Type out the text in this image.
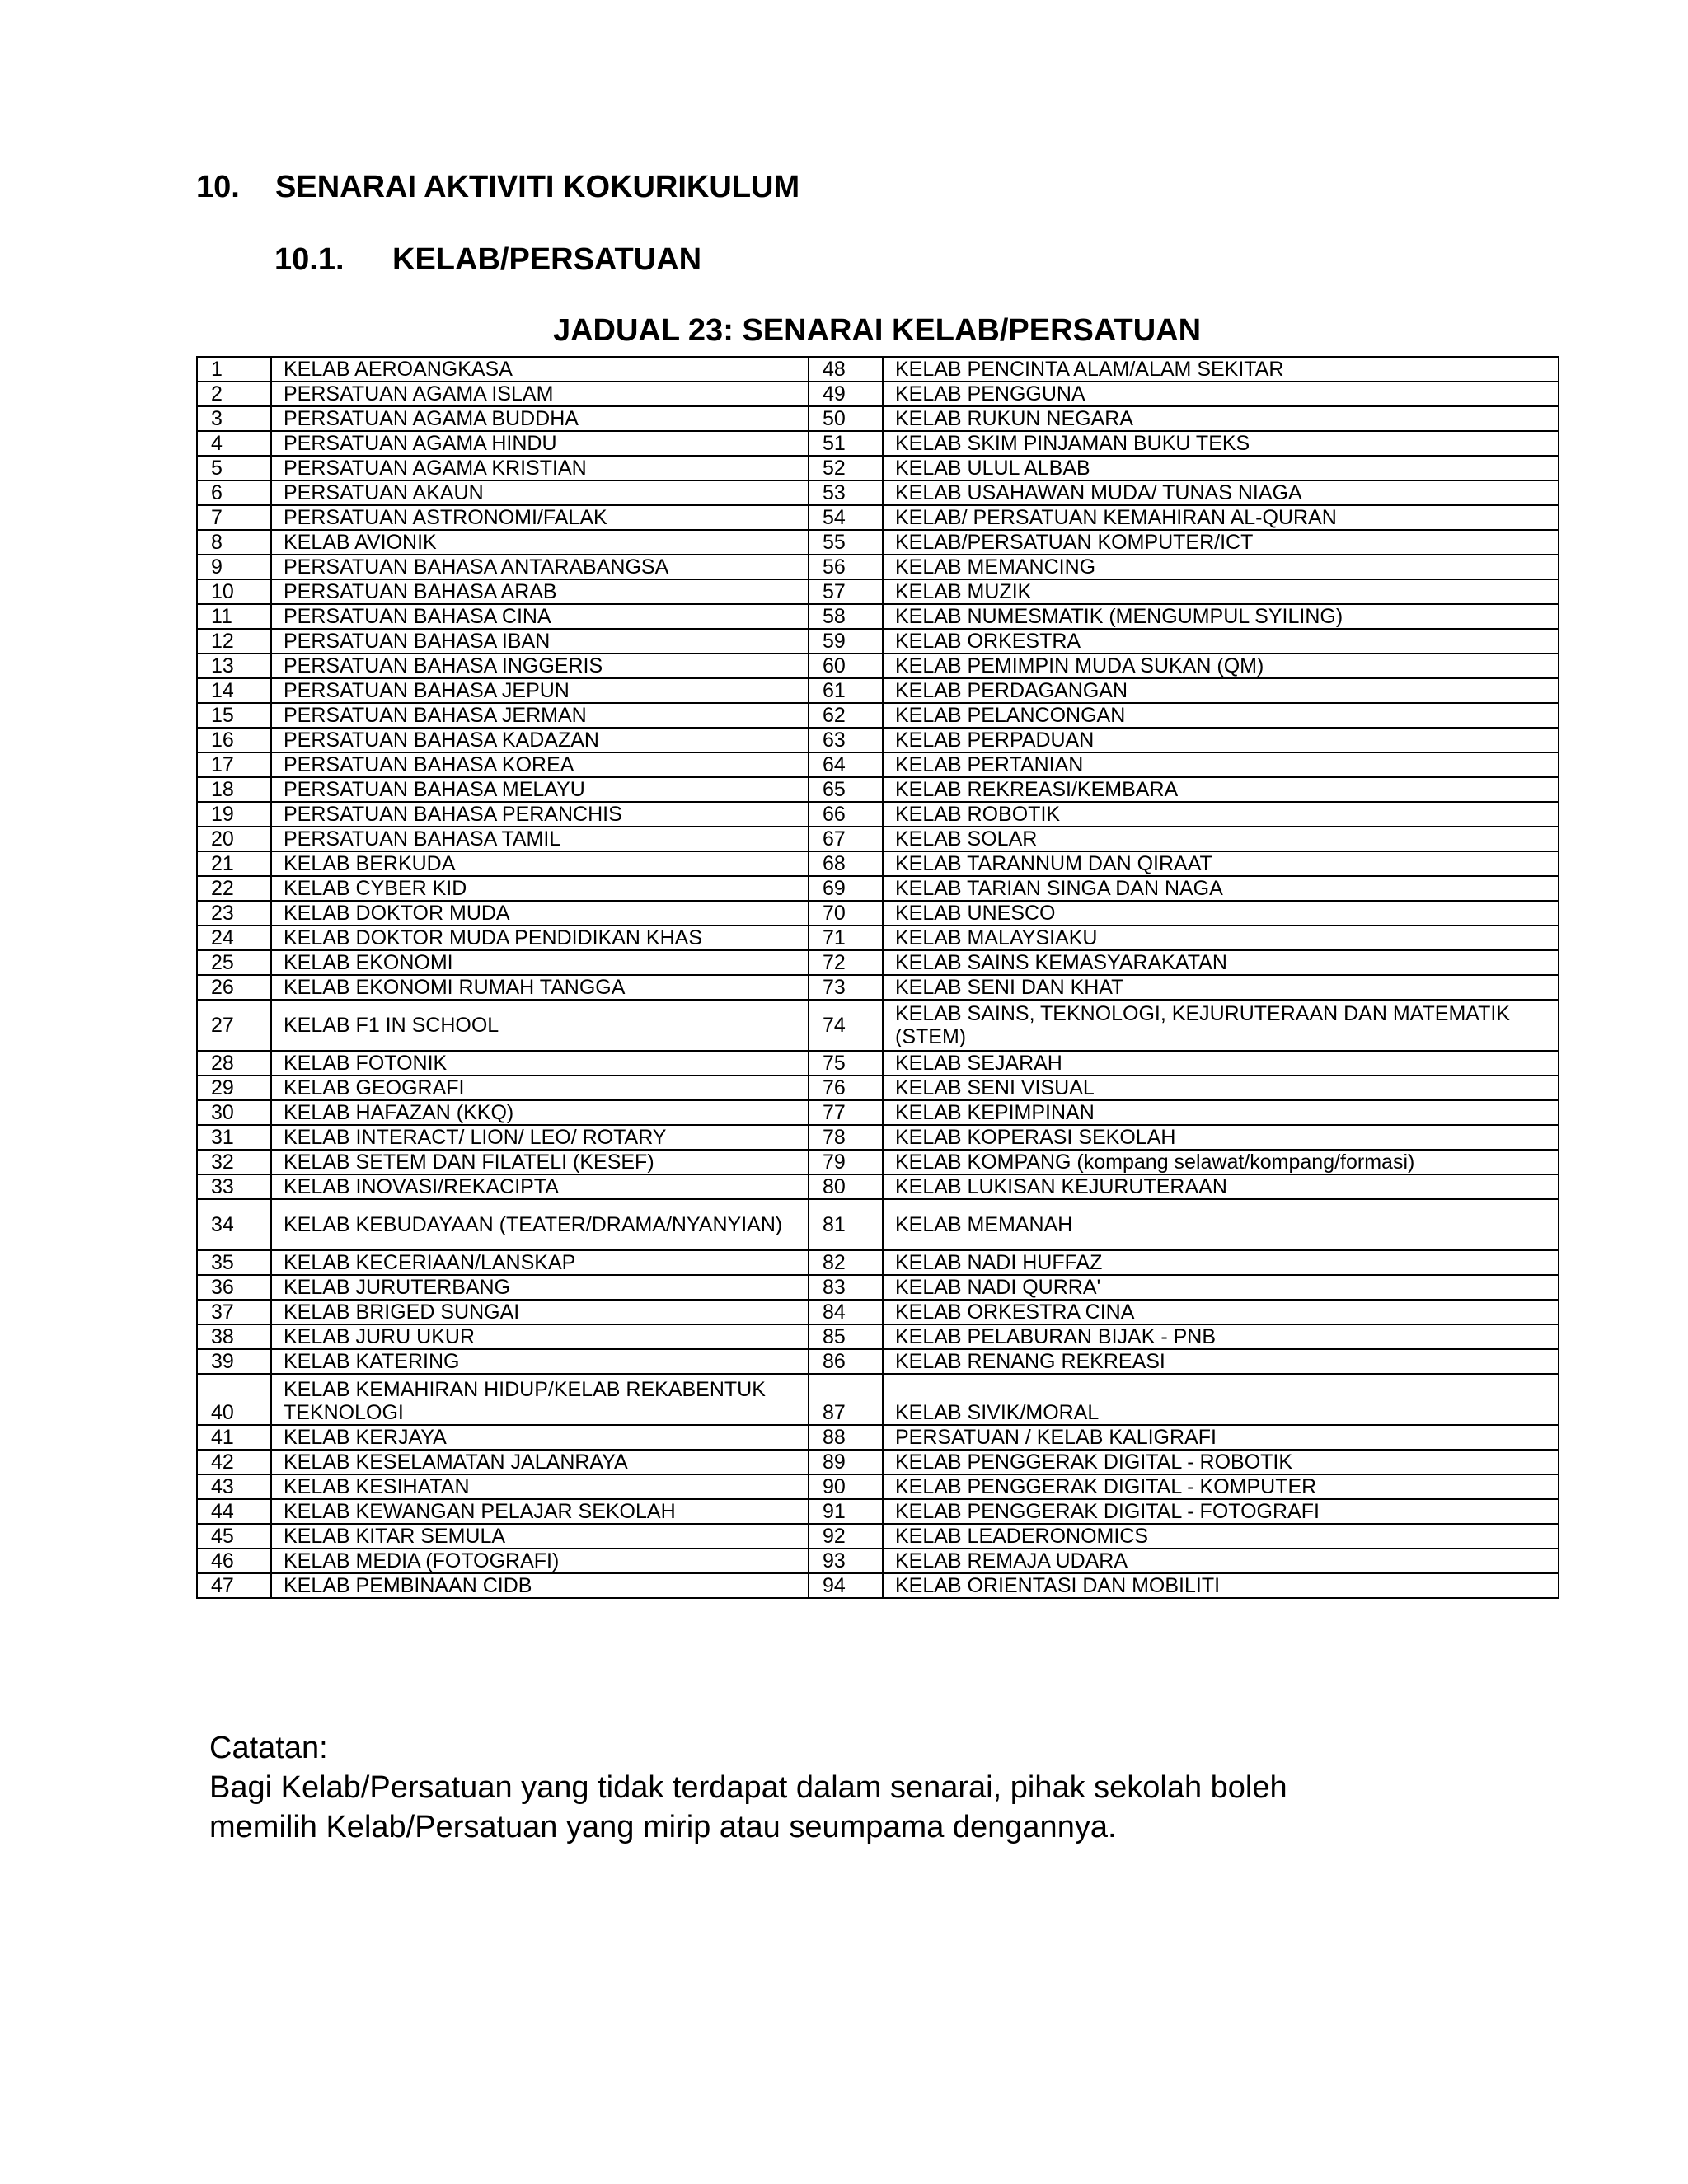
10. SENARAI AKTIVITI KOKURIKULUM
10.1. KELAB/PERSATUAN
JADUAL 23: SENARAI KELAB/PERSATUAN
1	KELAB AEROANGKASA	48	KELAB PENCINTA ALAM/ALAM SEKITAR
2	PERSATUAN AGAMA ISLAM	49	KELAB PENGGUNA
3	PERSATUAN AGAMA BUDDHA	50	KELAB RUKUN NEGARA
4	PERSATUAN AGAMA HINDU	51	KELAB SKIM PINJAMAN BUKU TEKS
5	PERSATUAN AGAMA KRISTIAN	52	KELAB ULUL ALBAB
6	PERSATUAN AKAUN	53	KELAB USAHAWAN MUDA/ TUNAS NIAGA
7	PERSATUAN ASTRONOMI/FALAK	54	KELAB/ PERSATUAN KEMAHIRAN AL-QURAN
8	KELAB AVIONIK	55	KELAB/PERSATUAN KOMPUTER/ICT
9	PERSATUAN BAHASA ANTARABANGSA	56	KELAB MEMANCING
10	PERSATUAN BAHASA ARAB	57	KELAB MUZIK
11	PERSATUAN BAHASA CINA	58	KELAB NUMESMATIK (MENGUMPUL SYILING)
12	PERSATUAN BAHASA IBAN	59	KELAB ORKESTRA
13	PERSATUAN BAHASA INGGERIS	60	KELAB PEMIMPIN MUDA SUKAN (QM)
14	PERSATUAN BAHASA JEPUN	61	KELAB PERDAGANGAN
15	PERSATUAN BAHASA JERMAN	62	KELAB PELANCONGAN
16	PERSATUAN BAHASA KADAZAN	63	KELAB PERPADUAN
17	PERSATUAN BAHASA KOREA	64	KELAB PERTANIAN
18	PERSATUAN BAHASA MELAYU	65	KELAB REKREASI/KEMBARA
19	PERSATUAN BAHASA PERANCHIS	66	KELAB ROBOTIK
20	PERSATUAN BAHASA TAMIL	67	KELAB SOLAR
21	KELAB BERKUDA	68	KELAB TARANNUM DAN QIRAAT
22	KELAB CYBER KID	69	KELAB TARIAN SINGA DAN NAGA
23	KELAB DOKTOR MUDA	70	KELAB UNESCO
24	KELAB DOKTOR MUDA PENDIDIKAN KHAS	71	KELAB MALAYSIAKU
25	KELAB EKONOMI	72	KELAB SAINS KEMASYARAKATAN
26	KELAB EKONOMI RUMAH TANGGA	73	KELAB SENI DAN KHAT
27	KELAB F1 IN SCHOOL	74	KELAB SAINS, TEKNOLOGI, KEJURUTERAAN DAN MATEMATIK (STEM)
28	KELAB FOTONIK	75	KELAB SEJARAH
29	KELAB GEOGRAFI	76	KELAB SENI VISUAL
30	KELAB HAFAZAN (KKQ)	77	KELAB KEPIMPINAN
31	KELAB INTERACT/ LION/ LEO/ ROTARY	78	KELAB KOPERASI SEKOLAH
32	KELAB SETEM DAN FILATELI (KESEF)	79	KELAB KOMPANG (kompang selawat/kompang/formasi)
33	KELAB INOVASI/REKACIPTA	80	KELAB LUKISAN KEJURUTERAAN
34	KELAB KEBUDAYAAN (TEATER/DRAMA/NYANYIAN)	81	KELAB MEMANAH
35	KELAB KECERIAAN/LANSKAP	82	KELAB NADI HUFFAZ
36	KELAB JURUTERBANG	83	KELAB NADI QURRA'
37	KELAB BRIGED SUNGAI	84	KELAB ORKESTRA CINA
38	KELAB JURU UKUR	85	KELAB PELABURAN BIJAK - PNB
39	KELAB KATERING	86	KELAB RENANG REKREASI
40	KELAB KEMAHIRAN HIDUP/KELAB REKABENTUK TEKNOLOGI	87	KELAB SIVIK/MORAL
41	KELAB KERJAYA	88	PERSATUAN / KELAB KALIGRAFI
42	KELAB KESELAMATAN JALANRAYA	89	KELAB PENGGERAK DIGITAL - ROBOTIK
43	KELAB KESIHATAN	90	KELAB PENGGERAK DIGITAL - KOMPUTER
44	KELAB KEWANGAN PELAJAR SEKOLAH	91	KELAB PENGGERAK DIGITAL - FOTOGRAFI
45	KELAB KITAR SEMULA	92	KELAB LEADERONOMICS
46	KELAB MEDIA (FOTOGRAFI)	93	KELAB REMAJA UDARA
47	KELAB PEMBINAAN CIDB	94	KELAB ORIENTASI DAN MOBILITI
Catatan:
Bagi Kelab/Persatuan yang tidak terdapat dalam senarai, pihak sekolah boleh
memilih Kelab/Persatuan yang mirip atau seumpama dengannya.
